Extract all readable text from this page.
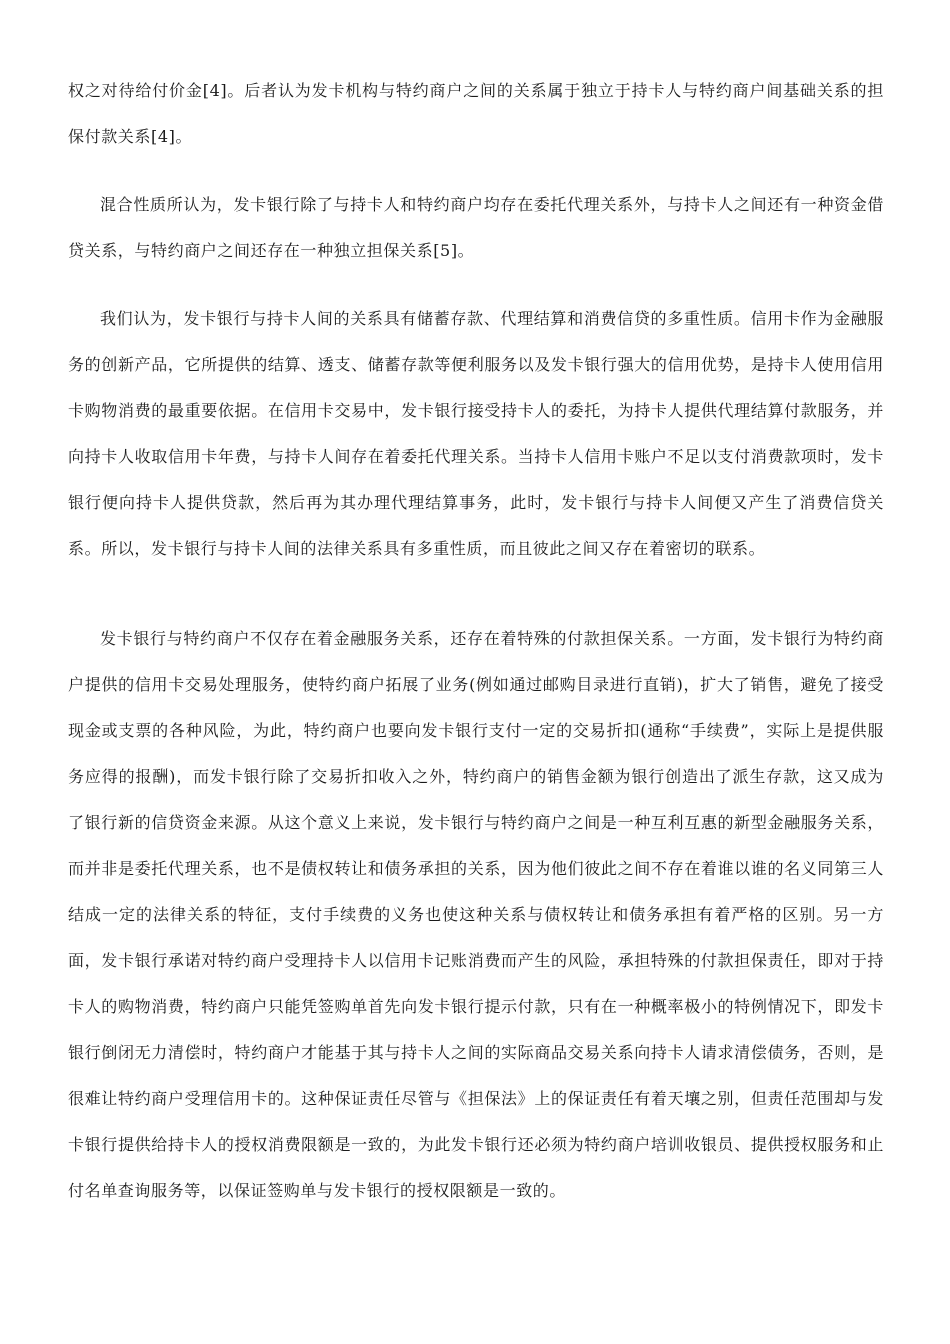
权之对待给付价金[4]。后者认为发卡机构与特约商户之间的关系属于独立于持卡人与特约商户间基础关系的担保付款关系[4]。

混合性质所认为，发卡银行除了与持卡人和特约商户均存在委托代理关系外，与持卡人之间还有一种资金借贷关系，与特约商户之间还存在一种独立担保关系[5]。

我们认为，发卡银行与持卡人间的关系具有储蓄存款、代理结算和消费信贷的多重性质。信用卡作为金融服务的创新产品，它所提供的结算、透支、储蓄存款等便利服务以及发卡银行强大的信用优势，是持卡人使用信用卡购物消费的最重要依据。在信用卡交易中，发卡银行接受持卡人的委托，为持卡人提供代理结算付款服务，并向持卡人收取信用卡年费，与持卡人间存在着委托代理关系。当持卡人信用卡账户不足以支付消费款项时，发卡银行便向持卡人提供贷款，然后再为其办理代理结算事务，此时，发卡银行与持卡人间便又产生了消费信贷关系。所以，发卡银行与持卡人间的法律关系具有多重性质，而且彼此之间又存在着密切的联系。

发卡银行与特约商户不仅存在着金融服务关系，还存在着特殊的付款担保关系。一方面，发卡银行为特约商户提供的信用卡交易处理服务，使特约商户拓展了业务(例如通过邮购目录进行直销)，扩大了销售，避免了接受现金或支票的各种风险，为此，特约商户也要向发卡银行支付一定的交易折扣(通称“手续费”，实际上是提供服务应得的报酬)，而发卡银行除了交易折扣收入之外，特约商户的销售金额为银行创造出了派生存款，这又成为了银行新的信贷资金来源。从这个意义上来说，发卡银行与特约商户之间是一种互利互惠的新型金融服务关系，而并非是委托代理关系，也不是债权转让和债务承担的关系，因为他们彼此之间不存在着谁以谁的名义同第三人结成一定的法律关系的特征，支付手续费的义务也使这种关系与债权转让和债务承担有着严格的区别。另一方面，发卡银行承诺对特约商户受理持卡人以信用卡记账消费而产生的风险，承担特殊的付款担保责任，即对于持卡人的购物消费，特约商户只能凭签购单首先向发卡银行提示付款，只有在一种概率极小的特例情况下，即发卡银行倒闭无力清偿时，特约商户才能基于其与持卡人之间的实际商品交易关系向持卡人请求清偿债务，否则，是很难让特约商户受理信用卡的。这种保证责任尽管与《担保法》上的保证责任有着天壤之别，但责任范围却与发卡银行提供给持卡人的授权消费限额是一致的，为此发卡银行还必须为特约商户培训收银员、提供授权服务和止付名单查询服务等，以保证签购单与发卡银行的授权限额是一致的。
